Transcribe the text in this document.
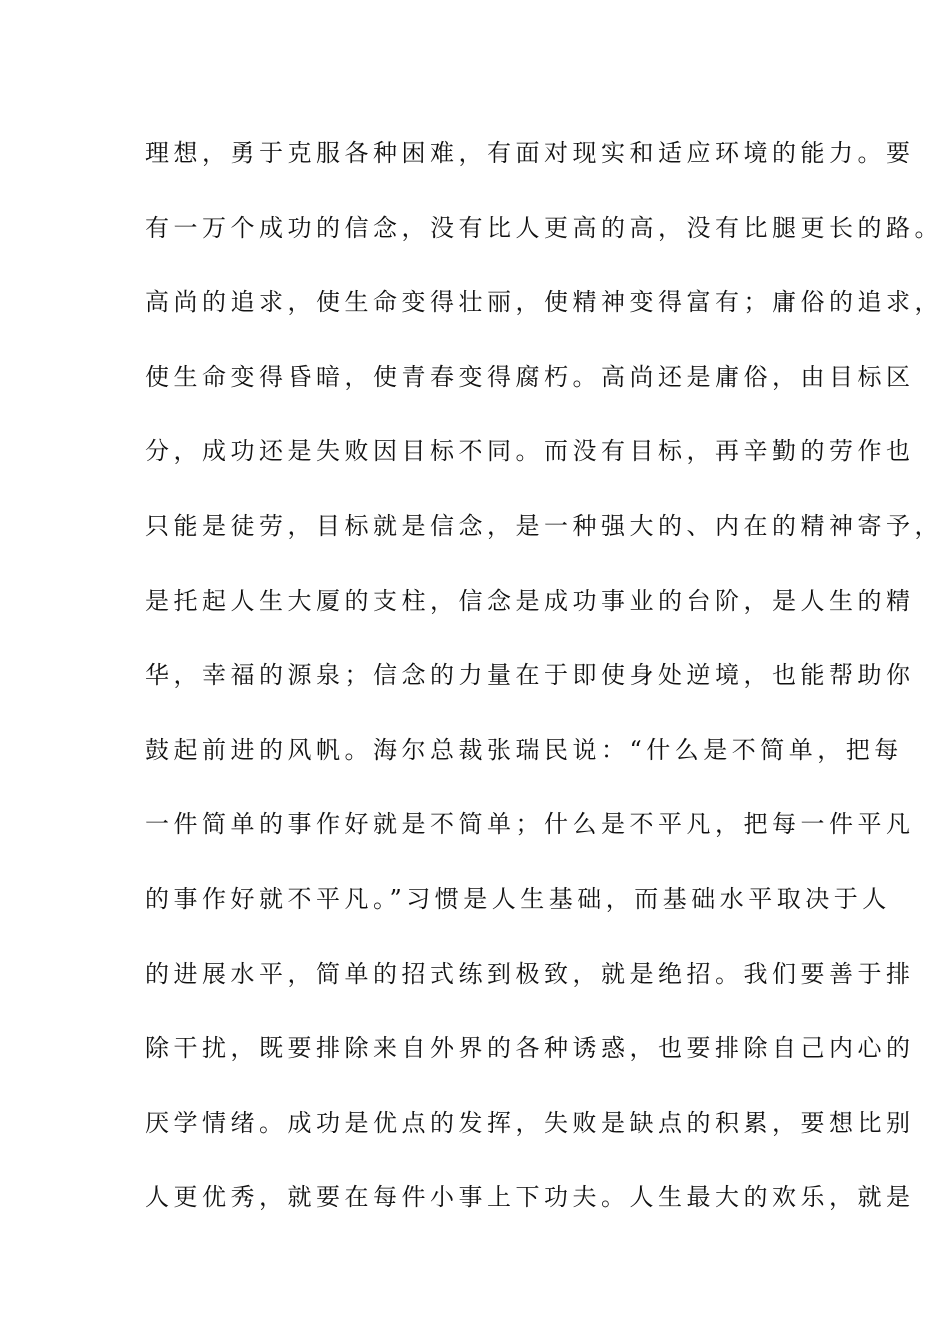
理想，勇于克服各种困难，有面对现实和适应环境的能力。要
有一万个成功的信念，没有比人更高的高，没有比腿更长的路。
高尚的追求，使生命变得壮丽，使精神变得富有；庸俗的追求，
使生命变得昏暗，使青春变得腐朽。高尚还是庸俗，由目标区
分，成功还是失败因目标不同。而没有目标，再辛勤的劳作也
只能是徒劳，目标就是信念，是一种强大的、内在的精神寄予，
是托起人生大厦的支柱，信念是成功事业的台阶，是人生的精
华，幸福的源泉；信念的力量在于即使身处逆境，也能帮助你
鼓起前进的风帆。海尔总裁张瑞民说：“什么是不简单，把每
一件简单的事作好就是不简单；什么是不平凡，把每一件平凡
的事作好就不平凡。”习惯是人生基础，而基础水平取决于人
的进展水平，简单的招式练到极致，就是绝招。我们要善于排
除干扰，既要排除来自外界的各种诱惑，也要排除自己内心的
厌学情绪。成功是优点的发挥，失败是缺点的积累，要想比别
人更优秀，就要在每件小事上下功夫。人生最大的欢乐，就是
